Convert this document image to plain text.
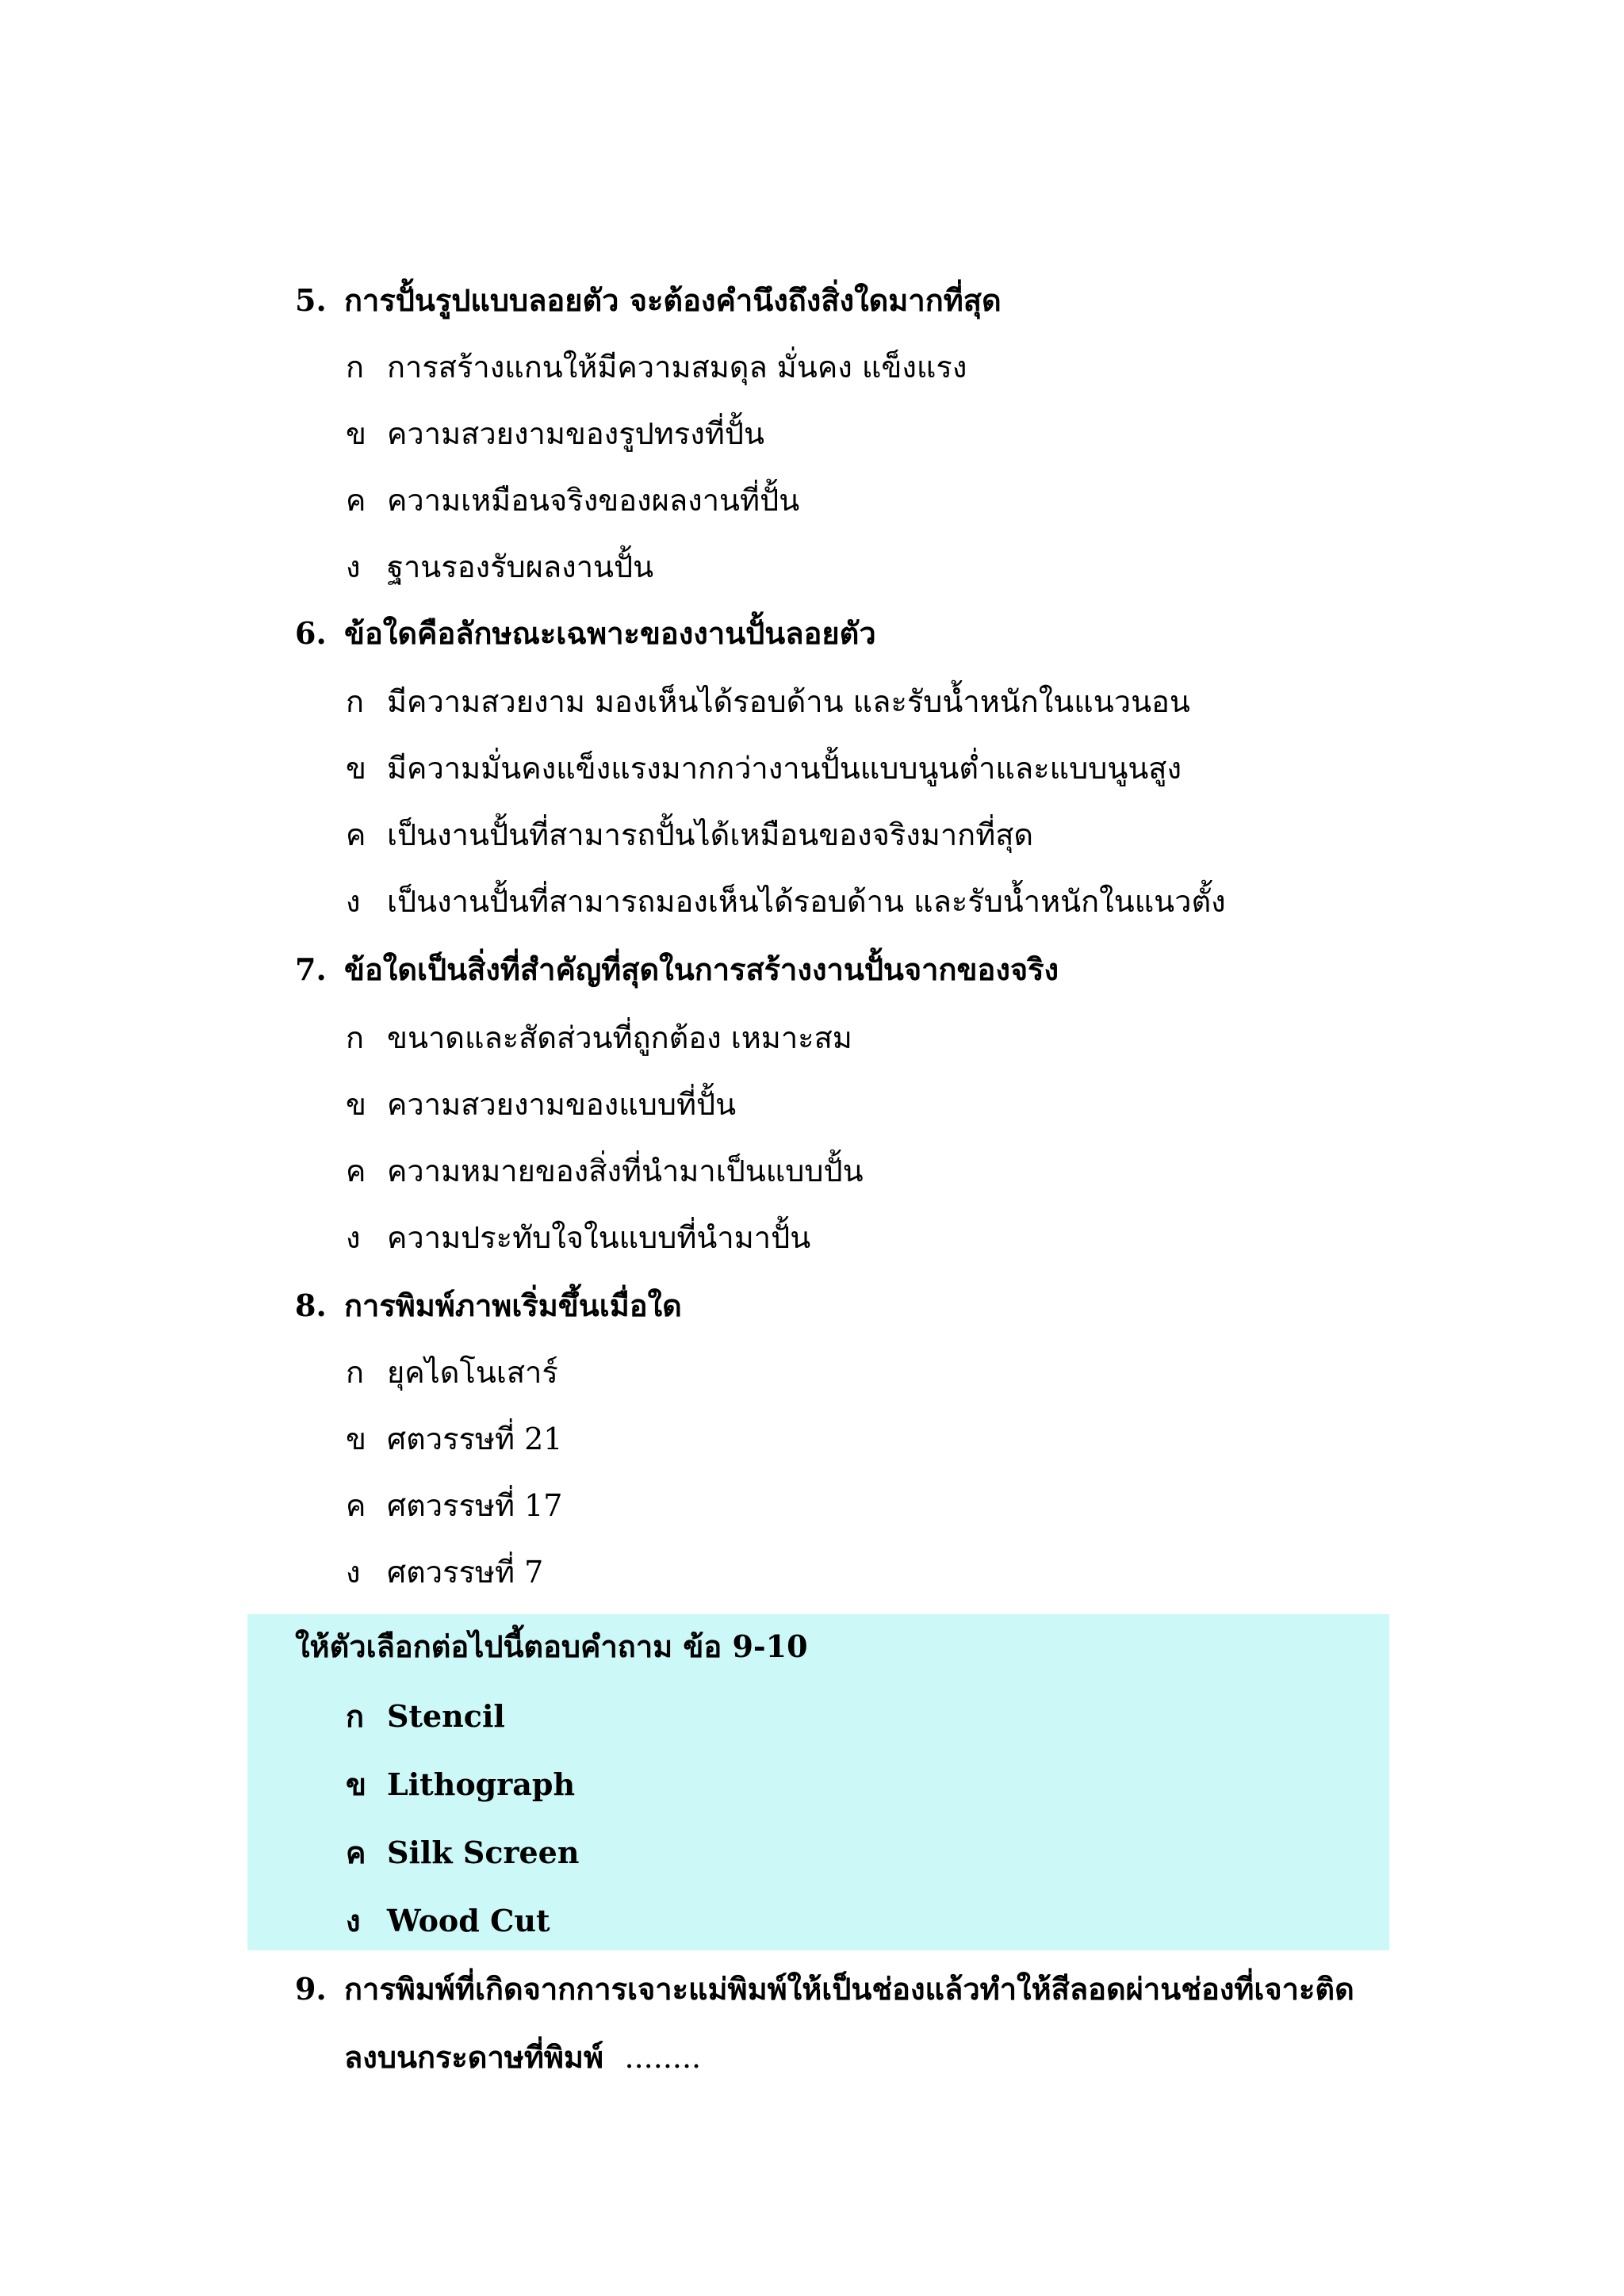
5. การปั้นรูปแบบลอยตัว จะต้องคำนึงถึงสิ่งใดมากที่สุด
ก การสร้างแกนให้มีความสมดุล มั่นคง แข็งแรง
ข ความสวยงามของรูปทรงที่ปั้น
ค ความเหมือนจริงของผลงานที่ปั้น
ง ฐานรองรับผลงานปั้น
6. ข้อใดคือลักษณะเฉพาะของงานปั้นลอยตัว
ก มีความสวยงาม มองเห็นได้รอบด้าน และรับน้ำหนักในแนวนอน
ข มีความมั่นคงแข็งแรงมากกว่างานปั้นแบบนูนต่ำและแบบนูนสูง
ค เป็นงานปั้นที่สามารถปั้นได้เหมือนของจริงมากที่สุด
ง เป็นงานปั้นที่สามารถมองเห็นได้รอบด้าน และรับน้ำหนักในแนวตั้ง
7. ข้อใดเป็นสิ่งที่สำคัญที่สุดในการสร้างงานปั้นจากของจริง
ก ขนาดและสัดส่วนที่ถูกต้อง เหมาะสม
ข ความสวยงามของแบบที่ปั้น
ค ความหมายของสิ่งที่นำมาเป็นแบบปั้น
ง ความประทับใจในแบบที่นำมาปั้น
8. การพิมพ์ภาพเริ่มขึ้นเมื่อใด
ก ยุคไดโนเสาร์
ข ศตวรรษที่ 21
ค ศตวรรษที่ 17
ง ศตวรรษที่ 7
ให้ตัวเลือกต่อไปนี้ตอบคำถาม ข้อ 9-10
ก Stencil
ข Lithograph
ค Silk Screen
ง Wood Cut
9. การพิมพ์ที่เกิดจากการเจาะแม่พิมพ์ให้เป็นช่องแล้วทำให้สีลอดผ่านช่องที่เจาะติด
ลงบนกระดาษที่พิมพ์ ........
